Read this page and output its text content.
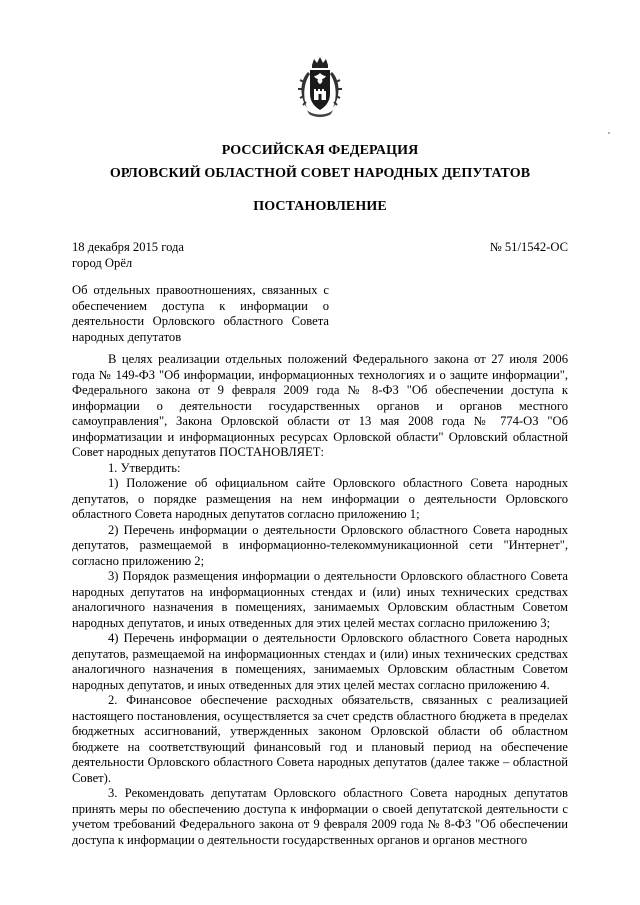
РОССИЙСКАЯ ФЕДЕРАЦИЯ
ОРЛОВСКИЙ ОБЛАСТНОЙ СОВЕТ НАРОДНЫХ ДЕПУТАТОВ
ПОСТАНОВЛЕНИЕ
18 декабря 2015 года
город Орёл
№ 51/1542-ОС
Об отдельных правоотношениях, связанных с обеспечением доступа к информации о деятельности Орловского областного Совета народных депутатов

В целях реализации отдельных положений Федерального закона от 27 июля 2006 года № 149-ФЗ "Об информации, информационных технологиях и о защите информации", Федерального закона от 9 февраля 2009 года № 8-ФЗ "Об обеспечении доступа к информации о деятельности государственных органов и органов местного самоуправления", Закона Орловской области от 13 мая 2008 года № 774-ОЗ "Об информатизации и информационных ресурсах Орловской области" Орловский областной Совет народных депутатов ПОСТАНОВЛЯЕТ:

1. Утвердить:

1) Положение об официальном сайте Орловского областного Совета народных депутатов, о порядке размещения на нем информации о деятельности Орловского областного Совета народных депутатов согласно приложению 1;

2) Перечень информации о деятельности Орловского областного Совета народных депутатов, размещаемой в информационно-телекоммуникационной сети "Интернет", согласно приложению 2;

3) Порядок размещения информации о деятельности Орловского областного Совета народных депутатов на информационных стендах и (или) иных технических средствах аналогичного назначения в помещениях, занимаемых Орловским областным Советом народных депутатов, и иных отведенных для этих целей местах согласно приложению 3;

4) Перечень информации о деятельности Орловского областного Совета народных депутатов, размещаемой на информационных стендах и (или) иных технических средствах аналогичного назначения в помещениях, занимаемых Орловским областным Советом народных депутатов, и иных отведенных для этих целей местах согласно приложению 4.

2. Финансовое обеспечение расходных обязательств, связанных с реализацией настоящего постановления, осуществляется за счет средств областного бюджета в пределах бюджетных ассигнований, утвержденных законом Орловской области об областном бюджете на соответствующий финансовый год и плановый период на обеспечение деятельности Орловского областного Совета народных депутатов (далее также – областной Совет).

3. Рекомендовать депутатам Орловского областного Совета народных депутатов принять меры по обеспечению доступа к информации о своей депутатской деятельности с учетом требований Федерального закона от 9 февраля 2009 года № 8-ФЗ "Об обеспечении доступа к информации о деятельности государственных органов и органов местного
